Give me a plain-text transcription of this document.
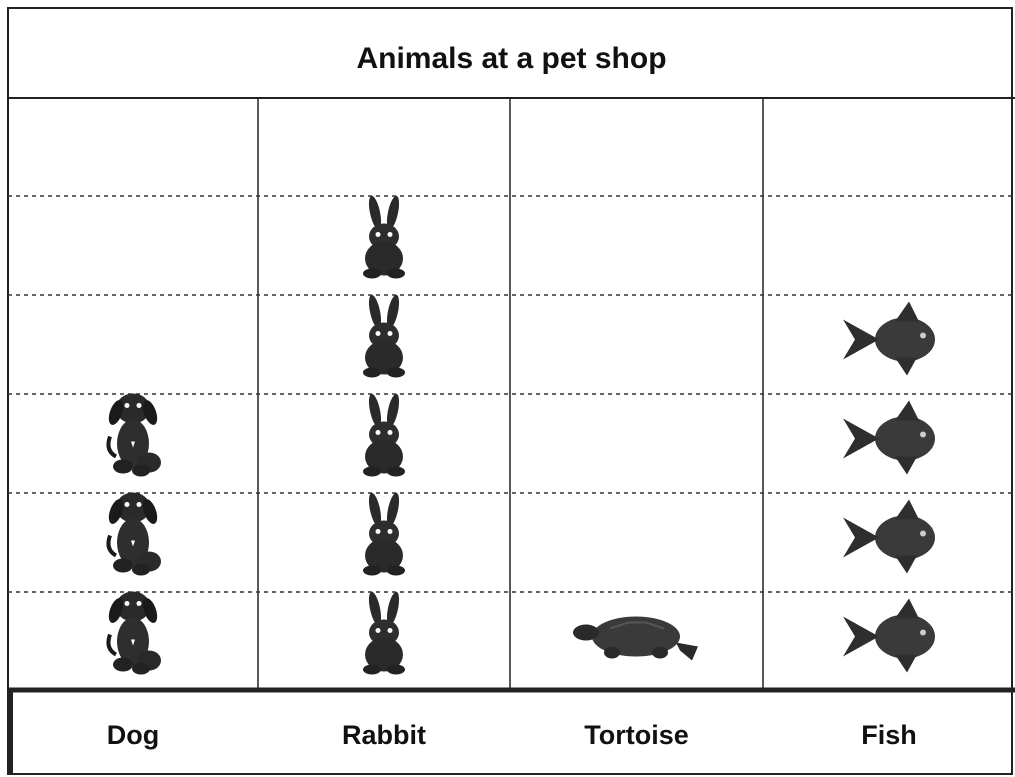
Animals at a pet shop
Dog	Rabbit	Tortoise	Fish
